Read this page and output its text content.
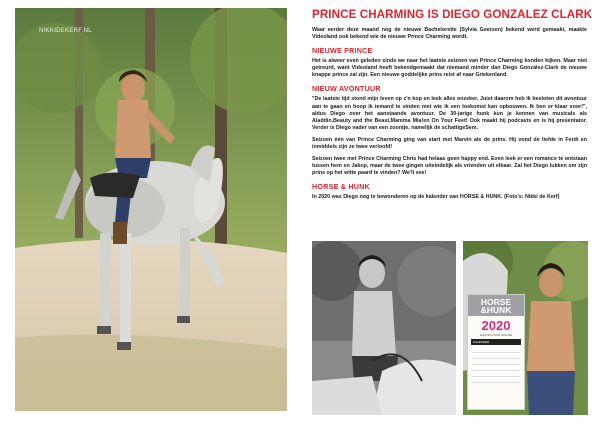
NIKKIDEKERF.NL
PRINCE CHARMING IS DIEGO GONZALEZ CLARK

Waar eerder deze maand nog de nieuwe Bachelorette (Sylvia Geersen) bekend werd gemaakt, maakte Videoland ook bekend wie de nieuwe Prince Charming wordt.

NIEUWE PRINCE

Het is alweer even geleden sinds we naar het laatste seizoen van Prince Charming konden kijken. Maar niet getreurd, want Videoland heeft bekendgemaakt dat niemand minder dan Diego González-Clark de nieuwe knappe prince zal zijn. Een nieuwe goddelijke prins reist af naar Griekenland.

NIEUW AVONTUUR

"De laatste tijd stond mijn leven op z'n kop en leek alles onzeker. Juist daarom heb ik besloten dit avontuur aan te gaan en hoop ik iemand te vinden met wie ik een toekomst kan opbouwen. Ik ben er klaar voor!", aldus Diego over het aanstaande avontuur. De 30-jarige hunk kun je kennen van musicals als Aladdin,Beauty and the Beast,Mamma Mia!en On Your Feet! Ook maakt hij podcasts en is hij presentator. Verder is Diego vader van een zoontje, namelijk de schattigeSem.

Seizoen één van Prince Charming ging van start met Marvin als de prins. Hij vond de liefde in Ferdi en inmiddels zijn ze twee verloofd!

Seizoen twee met Prince Charming Chris had helaas geen happy end. Even leek er een romance te ontstaan tussen hem en Jakop, maar de twee gingen uiteindelijk als vrienden uit elkaar. Zal het Diego lukken om zijn prins op het witte paard te vinden? We'll see!

HORSE & HUNK

In 2020 was Diego nog te bewonderen op de kalender van HORSE & HUNK. (Foto's: Nikki de Kerf)

HORSE
&HUNK
2020
MAAND VOOR MAAND
KALENDER
